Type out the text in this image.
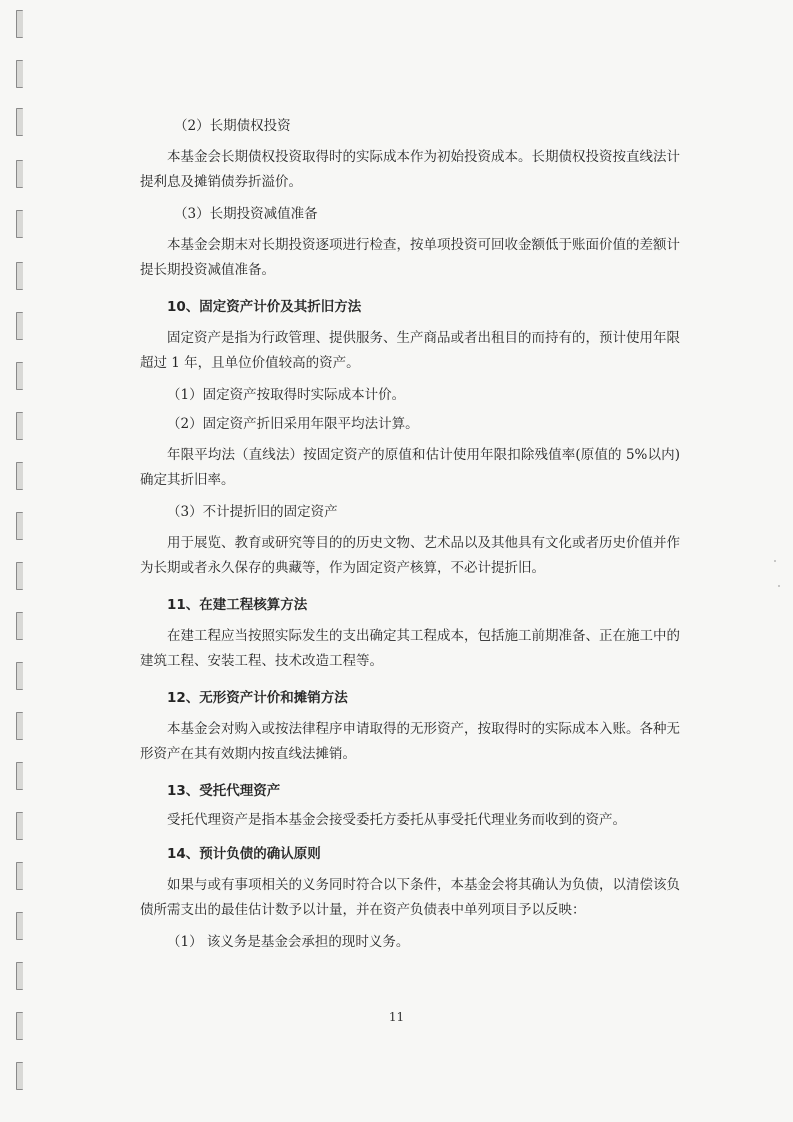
（2）长期债权投资

本基金会长期债权投资取得时的实际成本作为初始投资成本。长期债权投资按直线法计提利息及摊销债券折溢价。

（3）长期投资减值准备

本基金会期末对长期投资逐项进行检查，按单项投资可回收金额低于账面价值的差额计提长期投资减值准备。

10、固定资产计价及其折旧方法

固定资产是指为行政管理、提供服务、生产商品或者出租目的而持有的，预计使用年限超过 1 年，且单位价值较高的资产。

（1）固定资产按取得时实际成本计价。

（2）固定资产折旧采用年限平均法计算。

年限平均法（直线法）按固定资产的原值和估计使用年限扣除残值率(原值的 5%以内)确定其折旧率。

（3）不计提折旧的固定资产

用于展览、教育或研究等目的的历史文物、艺术品以及其他具有文化或者历史价值并作为长期或者永久保存的典藏等，作为固定资产核算，不必计提折旧。

11、在建工程核算方法

在建工程应当按照实际发生的支出确定其工程成本，包括施工前期准备、正在施工中的建筑工程、安装工程、技术改造工程等。

12、无形资产计价和摊销方法

本基金会对购入或按法律程序申请取得的无形资产，按取得时的实际成本入账。各种无形资产在其有效期内按直线法摊销。

13、受托代理资产

受托代理资产是指本基金会接受委托方委托从事受托代理业务而收到的资产。

14、预计负债的确认原则

如果与或有事项相关的义务同时符合以下条件，本基金会将其确认为负债，以清偿该负债所需支出的最佳估计数予以计量，并在资产负债表中单列项目予以反映：

（1） 该义务是基金会承担的现时义务。

11
